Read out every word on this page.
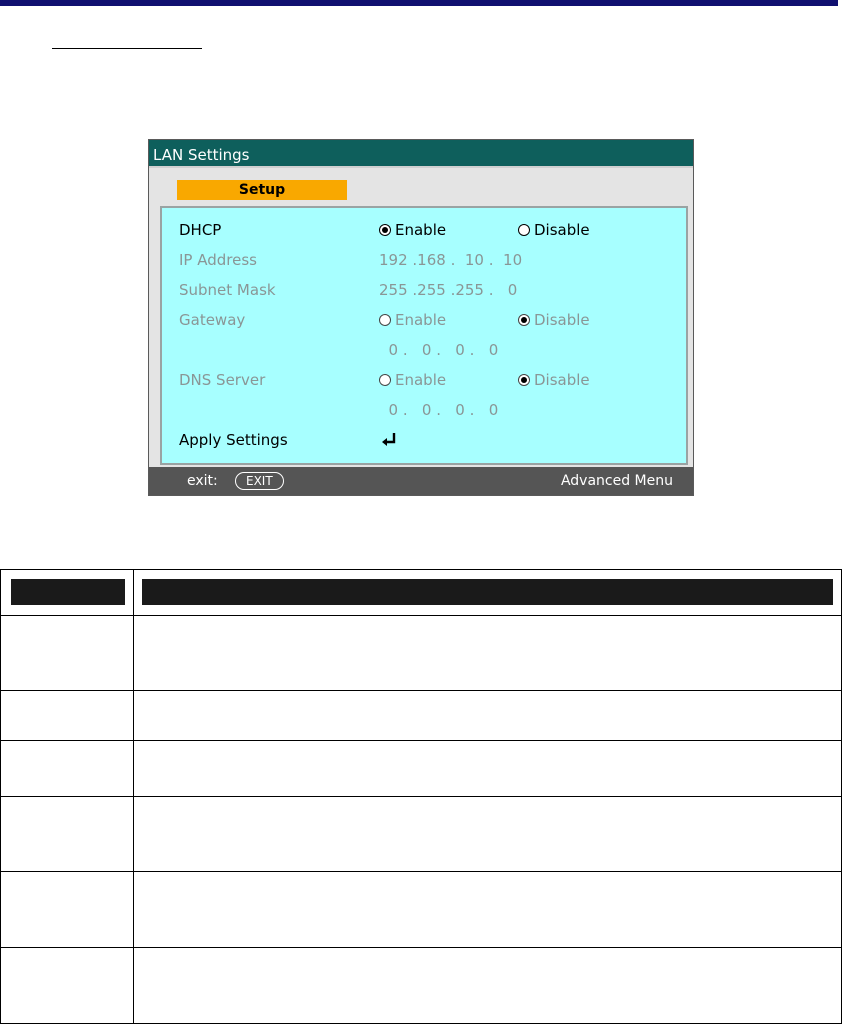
LAN Settings
Setup
DHCP	Enable	Disable
IP Address	192 .168 .  10 .  10
Subnet Mask	255 .255 .255 .   0
Gateway	Enable	Disable
0 .   0 .   0 .   0
DNS Server	Enable	Disable
0 .   0 .   0 .   0
Apply Settings
exit:	EXIT	Advanced Menu
